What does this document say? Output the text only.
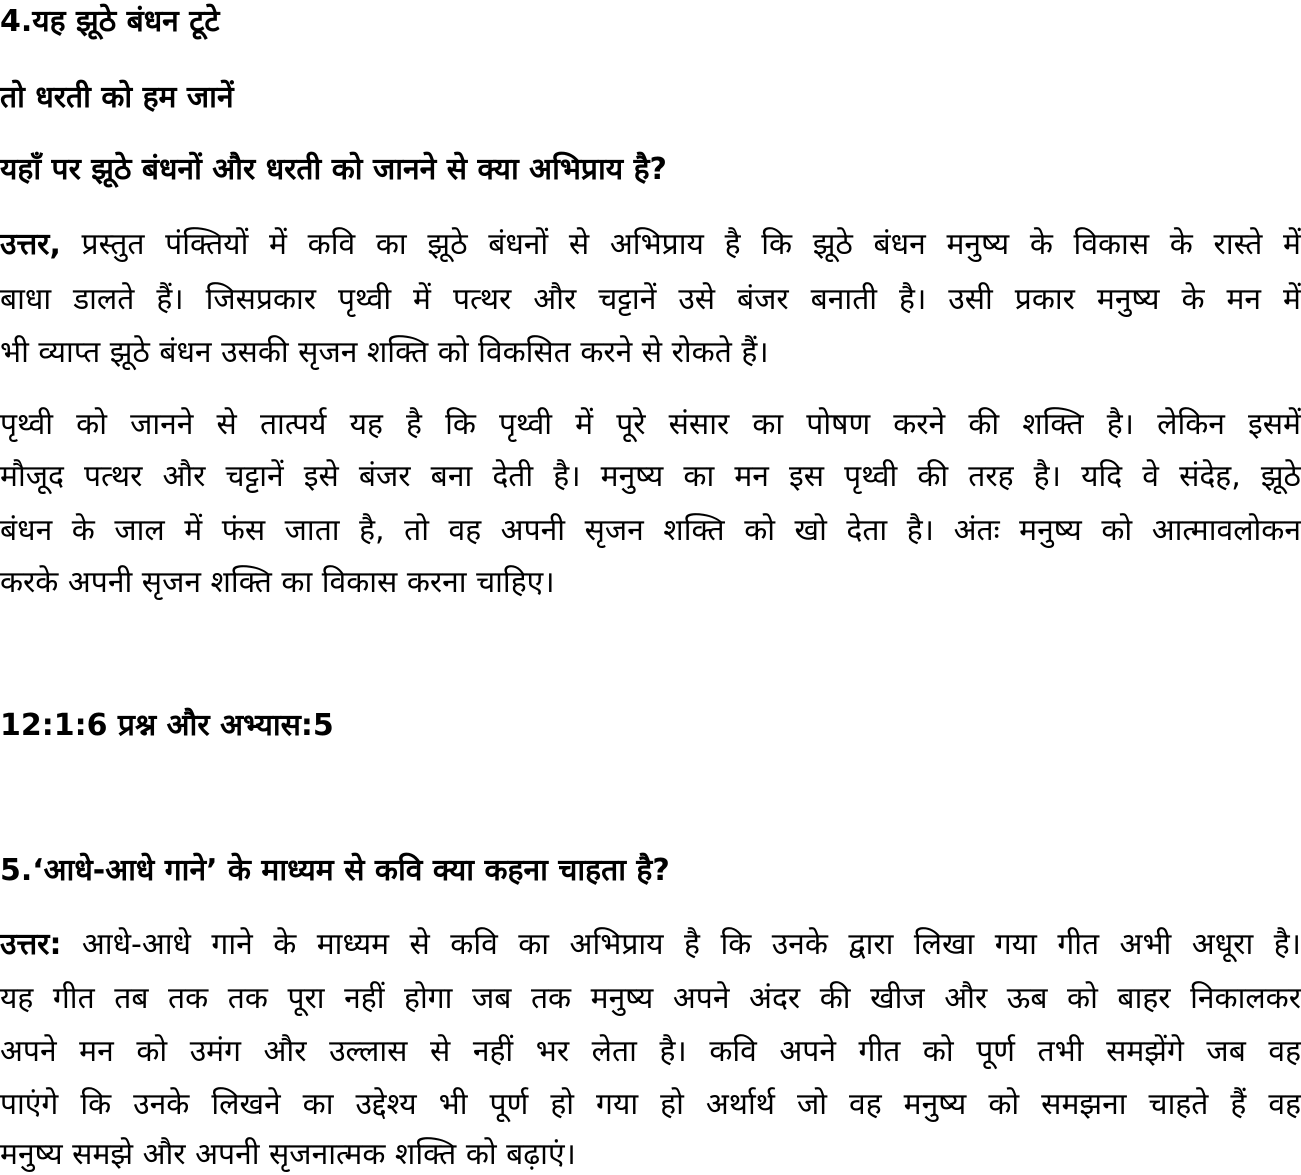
4.यह झूठे बंधन टूटे
तो धरती को हम जानें
यहाँ पर झूठे बंधनों और धरती को जानने से क्या अभिप्राय है?
उत्तर, प्रस्तुत पंक्तियों में कवि का झूठे बंधनों से अभिप्राय है कि झूठे बंधन मनुष्य के विकास के रास्ते में
बाधा डालते हैं। जिसप्रकार पृथ्वी में पत्थर और चट्टानें उसे बंजर बनाती है। उसी प्रकार मनुष्य के मन में
भी व्याप्त झूठे बंधन उसकी सृजन शक्ति को विकसित करने से रोकते हैं।
पृथ्वी को जानने से तात्पर्य यह है कि पृथ्वी में पूरे संसार का पोषण करने की शक्ति है। लेकिन इसमें
मौजूद पत्थर और चट्टानें इसे बंजर बना देती है। मनुष्य का मन इस पृथ्वी की तरह है। यदि वे संदेह, झूठे
बंधन के जाल में फंस जाता है, तो वह अपनी सृजन शक्ति को खो देता है। अंतः मनुष्य को आत्मावलोकन
करके अपनी सृजन शक्ति का विकास करना चाहिए।
12:1:6 प्रश्न और अभ्यास:5
5.‘आधे-आधे गाने’ के माध्यम से कवि क्या कहना चाहता है?
उत्तर: आधे-आधे गाने के माध्यम से कवि का अभिप्राय है कि उनके द्वारा लिखा गया गीत अभी अधूरा है।
यह गीत तब तक तक पूरा नहीं होगा जब तक मनुष्य अपने अंदर की खीज और ऊब को बाहर निकालकर
अपने मन को उमंग और उल्लास से नहीं भर लेता है। कवि अपने गीत को पूर्ण तभी समझेंगे जब वह
पाएंगे कि उनके लिखने का उद्देश्य भी पूर्ण हो गया हो अर्थार्थ जो वह मनुष्य को समझना चाहते हैं वह
मनुष्य समझे और अपनी सृजनात्मक शक्ति को बढ़ाएं।
